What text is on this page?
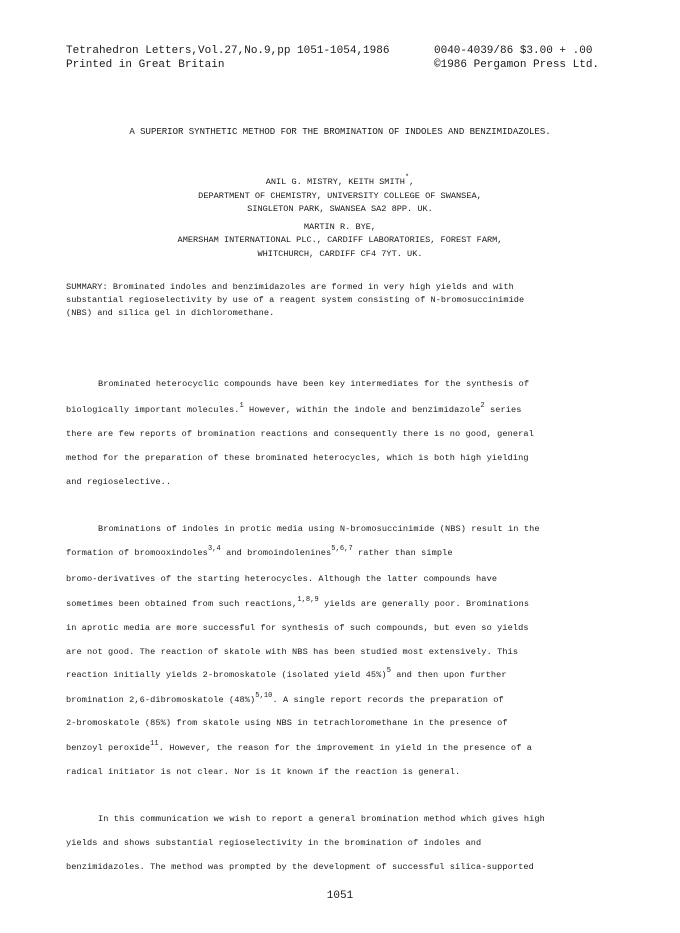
Tetrahedron Letters,Vol.27,No.9,pp 1051-1054,1986
Printed in Great Britain
0040-4039/86 $3.00 + .00
©1986 Pergamon Press Ltd.
A SUPERIOR SYNTHETIC METHOD FOR THE BROMINATION OF INDOLES AND BENZIMIDAZOLES.
ANIL G. MISTRY, KEITH SMITH*,
DEPARTMENT OF CHEMISTRY, UNIVERSITY COLLEGE OF SWANSEA,
SINGLETON PARK, SWANSEA SA2 8PP. UK.
MARTIN R. BYE,
AMERSHAM INTERNATIONAL PLC., CARDIFF LABORATORIES, FOREST FARM,
WHITCHURCH, CARDIFF CF4 7YT. UK.
SUMMARY: Brominated indoles and benzimidazoles are formed in very high yields and with
substantial regioselectivity by use of a reagent system consisting of N-bromosuccinimide
(NBS) and silica gel in dichloromethane.
Brominated heterocyclic compounds have been key intermediates for the synthesis of
biologically important molecules.$^1$ However, within the indole and benzimidazole$^2$ series
there are few reports of bromination reactions and consequently there is no good, general
method for the preparation of these brominated heterocycles, which is both high yielding
and regioselective..
Brominations of indoles in protic media using N-bromosuccinimide (NBS) result in the
formation of bromooxindoles$^{3,4}$ and bromoindolenines$^{5,6,7}$ rather than simple
bromo-derivatives of the starting heterocycles. Although the latter compounds have
sometimes been obtained from such reactions,$^{1,8,9}$ yields are generally poor. Brominations
in aprotic media are more successful for synthesis of such compounds, but even so yields
are not good. The reaction of skatole with NBS has been studied most extensively. This
reaction initially yields 2-bromoskatole (isolated yield 45%)$^5$ and then upon further
bromination 2,6-dibromoskatole $(48\%)^{5,10}$. A single report records the preparation of
2-bromoskatole (85%) from skatole using NBS in tetrachloromethane in the presence of
benzoyl peroxide$^{11}$. However, the reason for the improvement in yield in the presence of a
radical initiator is not clear. Nor is it known if the reaction is general.
In this communication we wish to report a general bromination method which gives high
yields and shows substantial regioselectivity in the bromination of indoles and
benzimidazoles. The method was prompted by the development of successful silica-supported
1051
